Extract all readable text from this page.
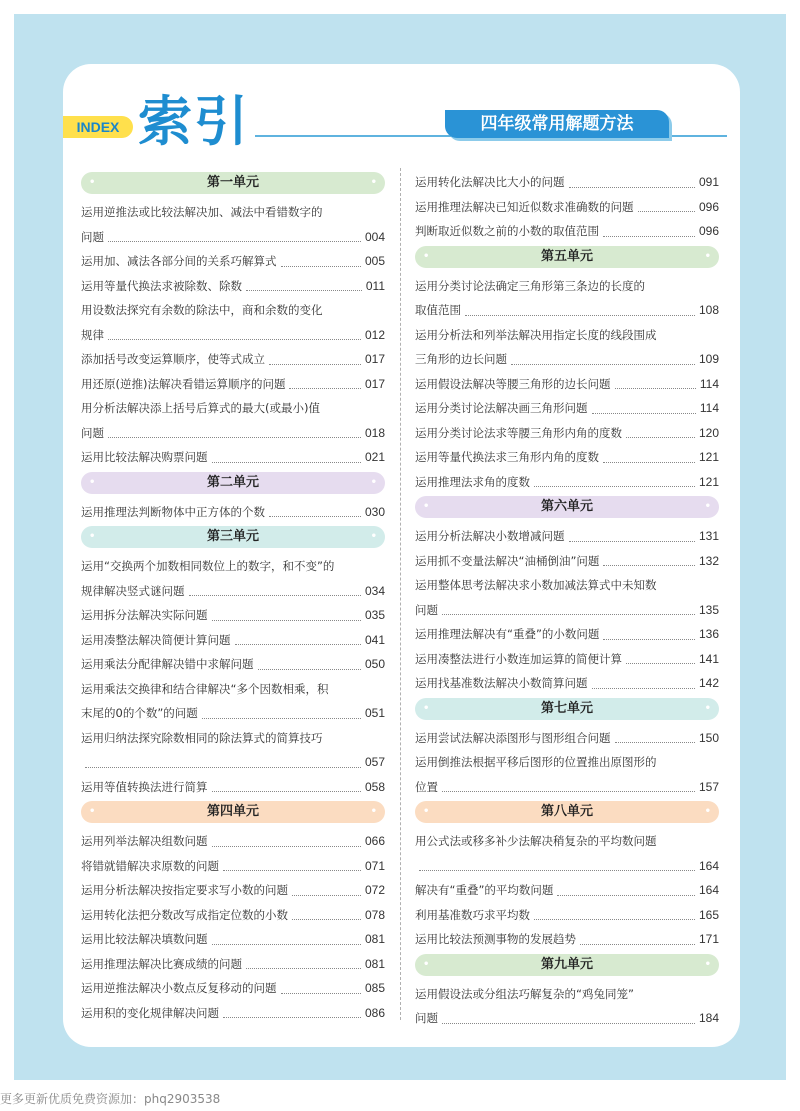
INDEX 索引	四年级常用解题方法
• 第一单元 •
运用逆推法或比较法解决加、减法中看错数字的
问题	004
运用加、减法各部分间的关系巧解算式	005
运用等量代换法求被除数、除数	011
用设数法探究有余数的除法中，商和余数的变化
规律	012
添加括号改变运算顺序，使等式成立	017
用还原(逆推)法解决看错运算顺序的问题	017
用分析法解决添上括号后算式的最大(或最小)值
问题	018
运用比较法解决购票问题	021
• 第二单元 •
运用推理法判断物体中正方体的个数	030
• 第三单元 •
运用“交换两个加数相同数位上的数字，和不变”的
规律解决竖式谜问题	034
运用拆分法解决实际问题	035
运用凑整法解决简便计算问题	041
运用乘法分配律解决错中求解问题	050
运用乘法交换律和结合律解决“多个因数相乘，积
末尾的0的个数”的问题	051
运用归纳法探究除数相同的除法算式的简算技巧
057
运用等值转换法进行简算	058
• 第四单元 •
运用列举法解决组数问题	066
将错就错解决求原数的问题	071
运用分析法解决按指定要求写小数的问题	072
运用转化法把分数改写成指定位数的小数	078
运用比较法解决填数问题	081
运用推理法解决比赛成绩的问题	081
运用逆推法解决小数点反复移动的问题	085
运用积的变化规律解决问题	086
运用转化法解决比大小的问题	091
运用推理法解决已知近似数求准确数的问题	096
判断取近似数之前的小数的取值范围	096
• 第五单元 •
运用分类讨论法确定三角形第三条边的长度的
取值范围	108
运用分析法和列举法解决用指定长度的线段围成
三角形的边长问题	109
运用假设法解决等腰三角形的边长问题	114
运用分类讨论法解决画三角形问题	114
运用分类讨论法求等腰三角形内角的度数	120
运用等量代换法求三角形内角的度数	121
运用推理法求角的度数	121
• 第六单元 •
运用分析法解决小数增减问题	131
运用抓不变量法解决“油桶倒油”问题	132
运用整体思考法解决求小数加减法算式中未知数
问题	135
运用推理法解决有“重叠”的小数问题	136
运用凑整法进行小数连加运算的简便计算	141
运用找基准数法解决小数简算问题	142
• 第七单元 •
运用尝试法解决添图形与图形组合问题	150
运用倒推法根据平移后图形的位置推出原图形的
位置	157
• 第八单元 •
用公式法或移多补少法解决稍复杂的平均数问题
164
解决有“重叠”的平均数问题	164
利用基准数巧求平均数	165
运用比较法预测事物的发展趋势	171
• 第九单元 •
运用假设法或分组法巧解复杂的“鸡兔同笼”
问题	184
更多更新优质免费资源加：phq2903538
